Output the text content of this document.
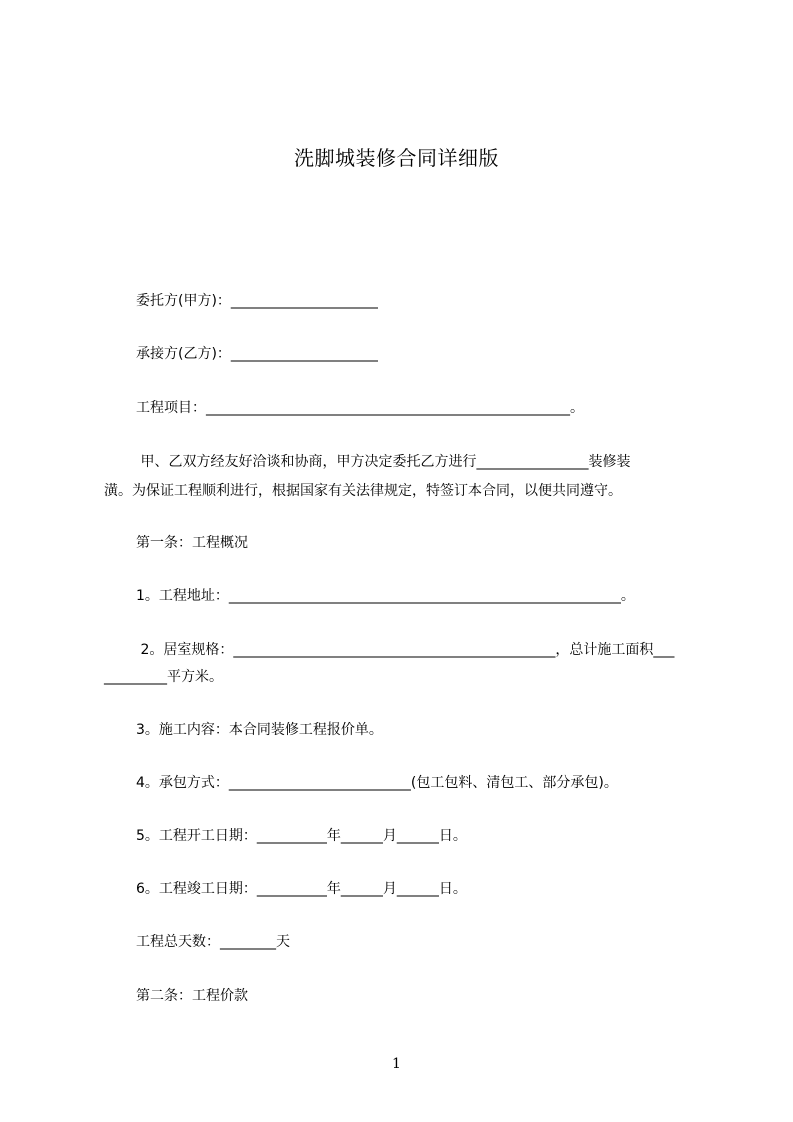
洗脚城装修合同详细版
委托方(甲方)：_____________________
承接方(乙方)：_____________________
工程项目：____________________________________________________。
甲、乙双方经友好洽谈和协商，甲方决定委托乙方进行________________装修装
潢。为保证工程顺利进行，根据国家有关法律规定，特签订本合同，以便共同遵守。
第一条：工程概况
1。工程地址：________________________________________________________。
2。居室规格：______________________________________________，总计施工面积___
_________平方米。
3。施工内容：本合同装修工程报价单。
4。承包方式：__________________________(包工包料、清包工、部分承包)。
5。工程开工日期：__________年______月______日。
6。工程竣工日期：__________年______月______日。
工程总天数：________天
第二条：工程价款
1
